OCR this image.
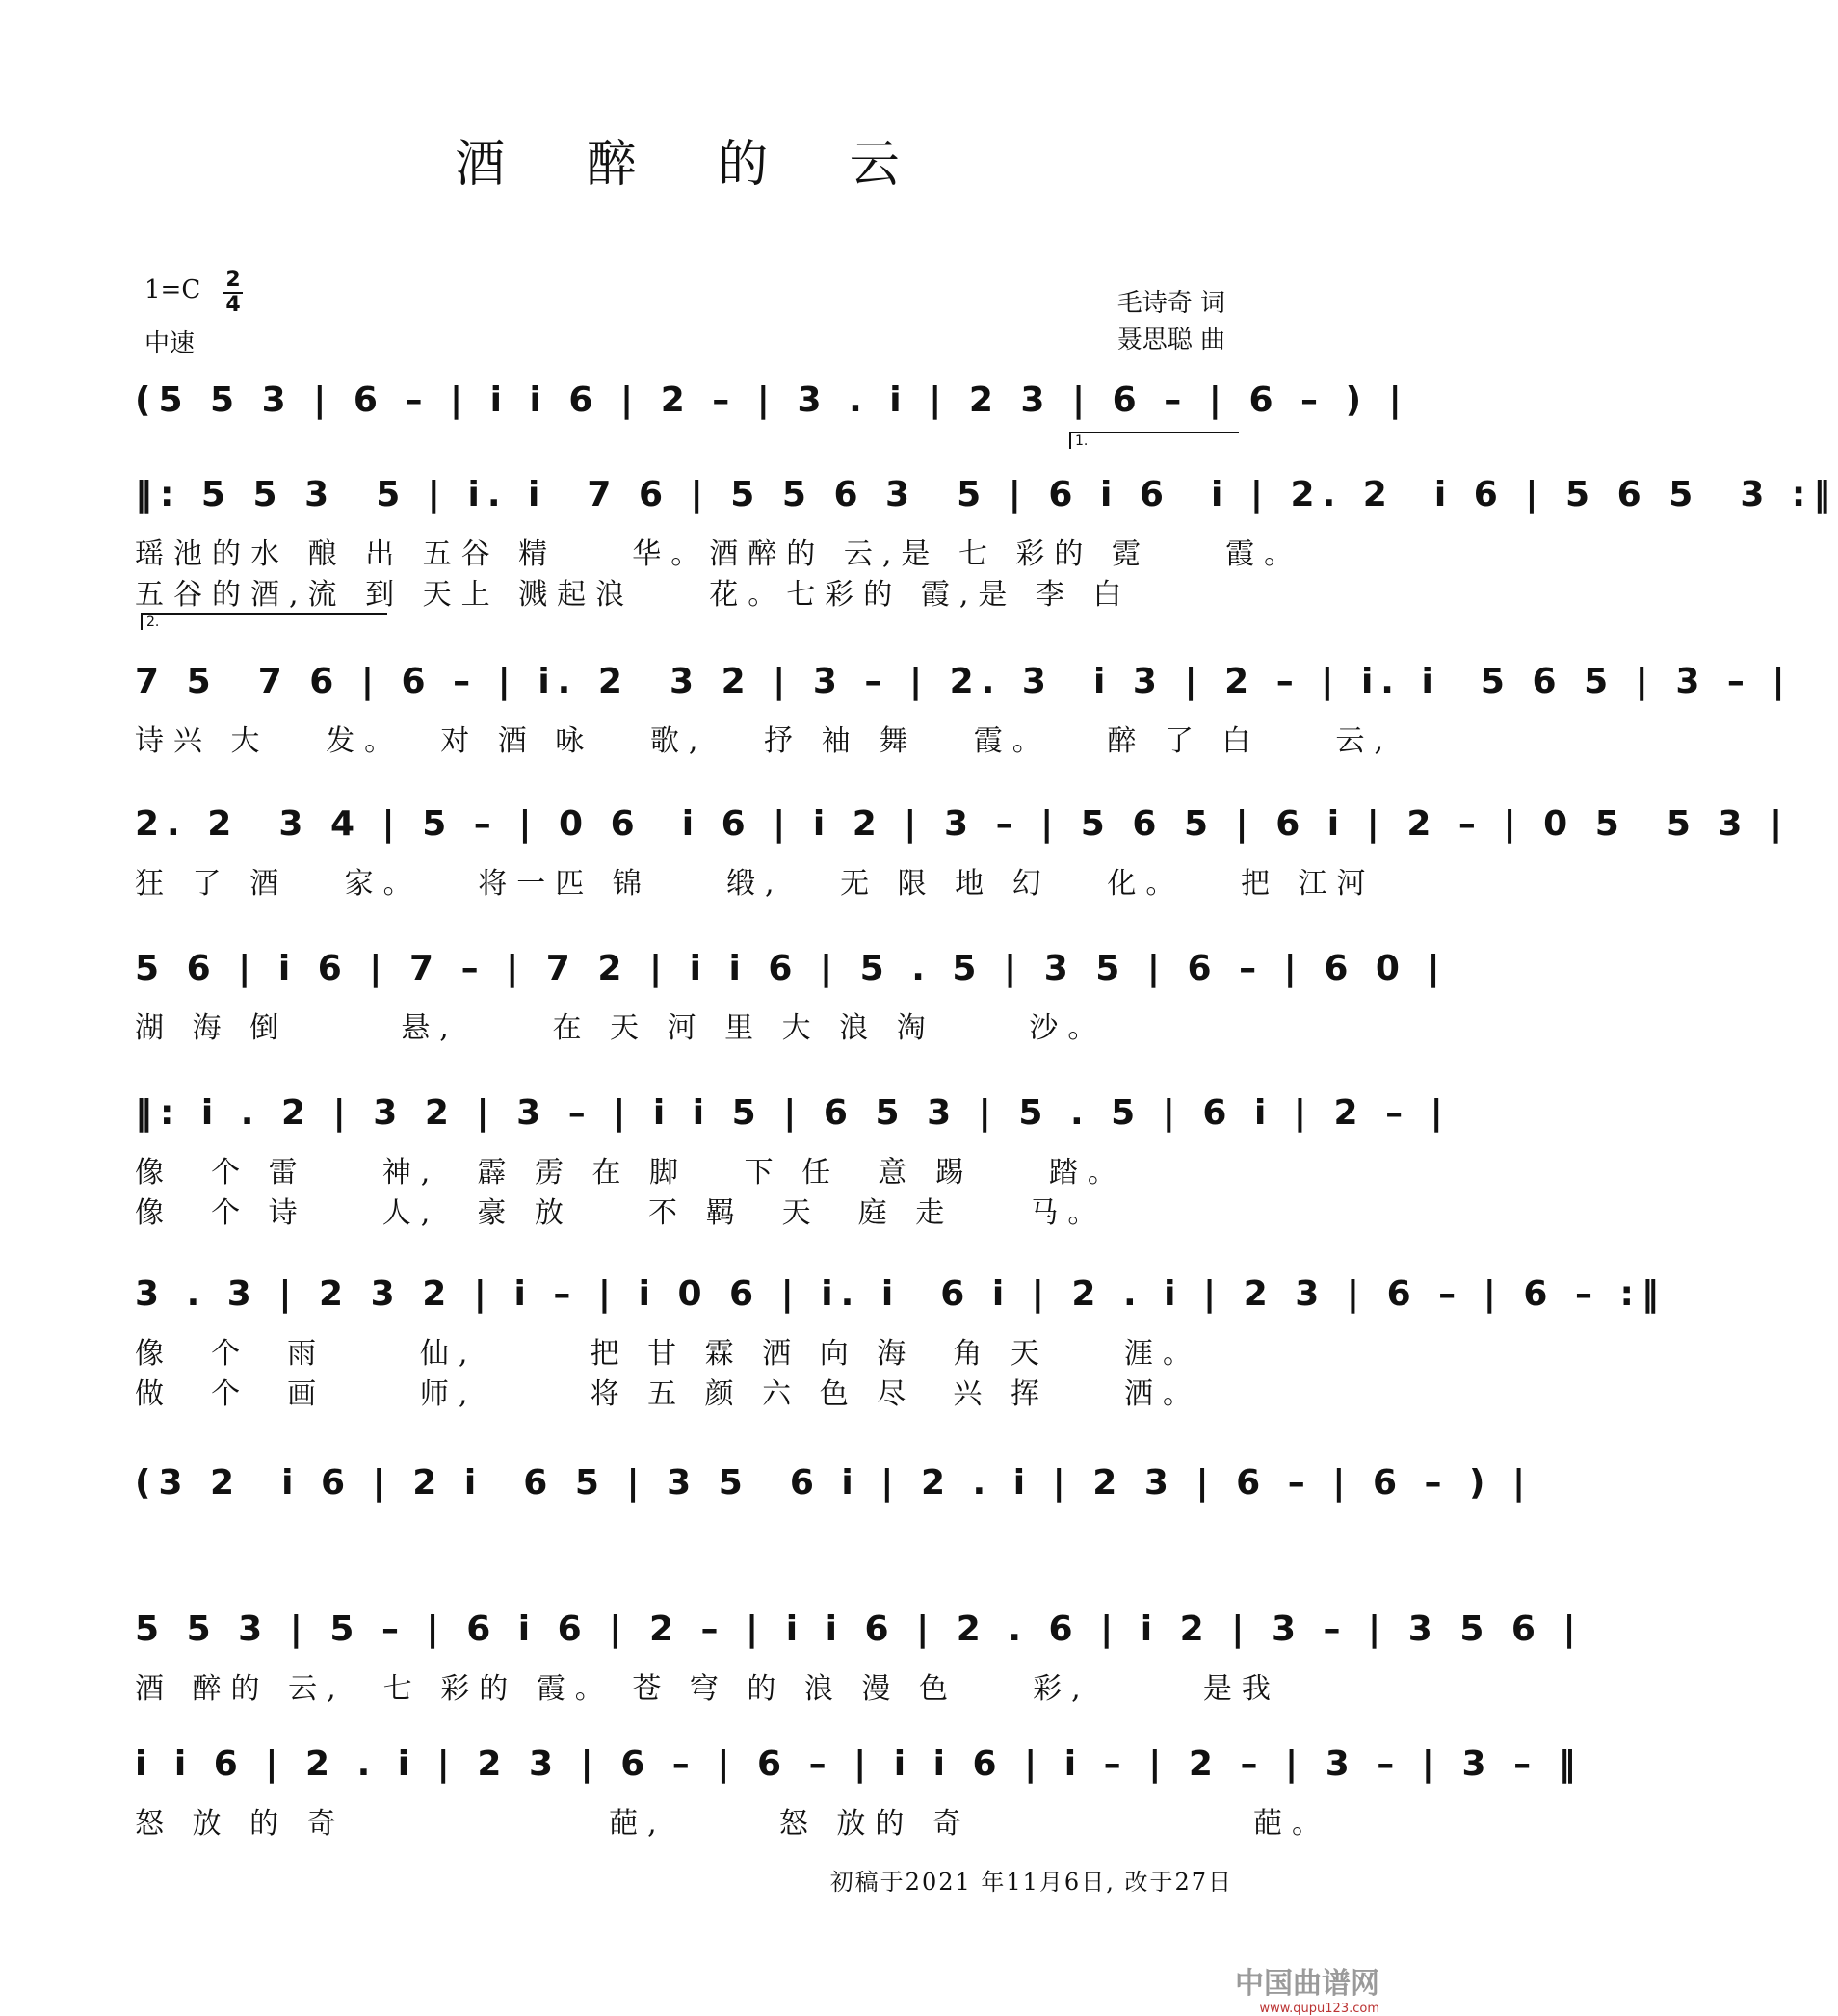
酒 醉 的 云
1=C 2
4
中速
毛诗奇 词
聂思聪 曲
1.
2.
(5 5 3 | 6 – | i i 6 | 2 – | 3 . i | 2 3 | 6 – | 6 – ) |
‖: 5 5 3  5 | i. i  7 6 | 5 5 6 3  5 | 6 i 6  i | 2. 2  i 6 | 5 6 5  3 :‖
瑶池的水 酿 出 五谷 精    华。酒醉的 云,是 七 彩的 霓    霞。
五谷的酒,流 到 天上 溅起浪    花。七彩的 霞,是 李 白
7 5  7 6 | 6 – | i. 2  3 2 | 3 – | 2. 3  i 3 | 2 – | i. i  5 6 5 | 3 – |
诗兴 大   发。  对 酒 咏   歌,   抒 袖 舞   霞。   醉 了 白    云,
2. 2  3 4 | 5 – | 0 6  i 6 | i 2 | 3 – | 5 6 5 | 6 i | 2 – | 0 5  5 3 |
狂 了 酒   家。   将一匹 锦    缎,   无 限 地 幻   化。   把 江河
5 6 | i 6 | 7 – | 7 2 | i i 6 | 5 . 5 | 3 5 | 6 – | 6 0 |
湖 海 倒      悬,     在 天 河 里 大 浪 淘     沙。
‖: i . 2 | 3 2 | 3 – | i i 5 | 6 5 3 | 5 . 5 | 6 i | 2 – |
像  个 雷    神,  霹 雳 在 脚   下 任  意 踢    踏。
像  个 诗    人,  豪 放    不 羁  天  庭 走    马。
3 . 3 | 2 3 2 | i – | i 0 6 | i. i  6 i | 2 . i | 2 3 | 6 – | 6 – :‖
像  个  雨     仙,      把 甘 霖 洒 向 海  角 天    涯。
做  个  画     师,      将 五 颜 六 色 尽  兴 挥    洒。
(3 2  i 6 | 2 i  6 5 | 3 5  6 i | 2 . i | 2 3 | 6 – | 6 – ) |
5 5 3 | 5 – | 6 i 6 | 2 – | i i 6 | 2 . 6 | i 2 | 3 – | 3 5 6 |
酒 醉的 云,  七 彩的 霞。 苍 穹 的 浪 漫 色    彩,      是我
i i 6 | 2 . i | 2 3 | 6 – | 6 – | i i 6 | i – | 2 – | 3 – | 3 – ‖
怒 放 的 奇              葩,      怒 放的 奇               葩。
初稿于2021 年11月6日, 改于27日
中国曲谱网
www.qupu123.com
